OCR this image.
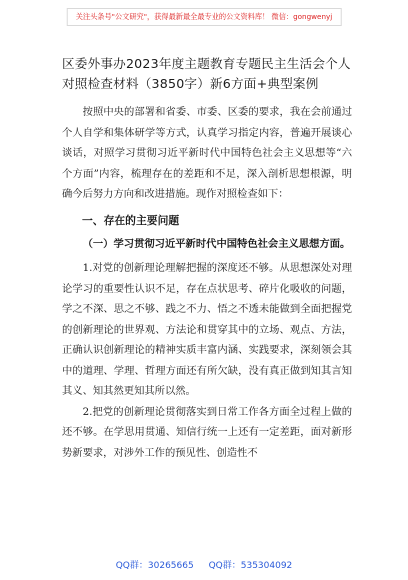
关注头条号"公文研究"，获得最新最全最专业的公文资料库！ 微信：gongwenyj

区委外事办2023年度主题教育专题民主生活会个人对照检查材料（3850字）新6方面+典型案例

按照中央的部署和省委、市委、区委的要求，我在会前通过个人自学和集体研学等方式，认真学习指定内容，普遍开展谈心谈话，对照学习贯彻习近平新时代中国特色社会主义思想等“六个方面”内容，梳理存在的差距和不足，深入剖析思想根源，明确今后努力方向和改进措施。现作对照检查如下：

一、存在的主要问题

（一）学习贯彻习近平新时代中国特色社会主义思想方面。

1.对党的创新理论理解把握的深度还不够。从思想深处对理论学习的重要性认识不足，存在点状思考、碎片化吸收的问题，学之不深、思之不够、践之不力、悟之不透未能做到全面把握党的创新理论的世界观、方法论和贯穿其中的立场、观点、方法，正确认识创新理论的精神实质丰富内涵、实践要求，深刻领会其中的道理、学理、哲理方面还有所欠缺，没有真正做到知其言知其义、知其然更知其所以然。

2.把党的创新理论贯彻落实到日常工作各方面全过程上做的还不够。在学思用贯通、知信行统一上还有一定差距，面对新形势新要求，对涉外工作的预见性、创造性不

QQ群：30265665 QQ群：535304092
